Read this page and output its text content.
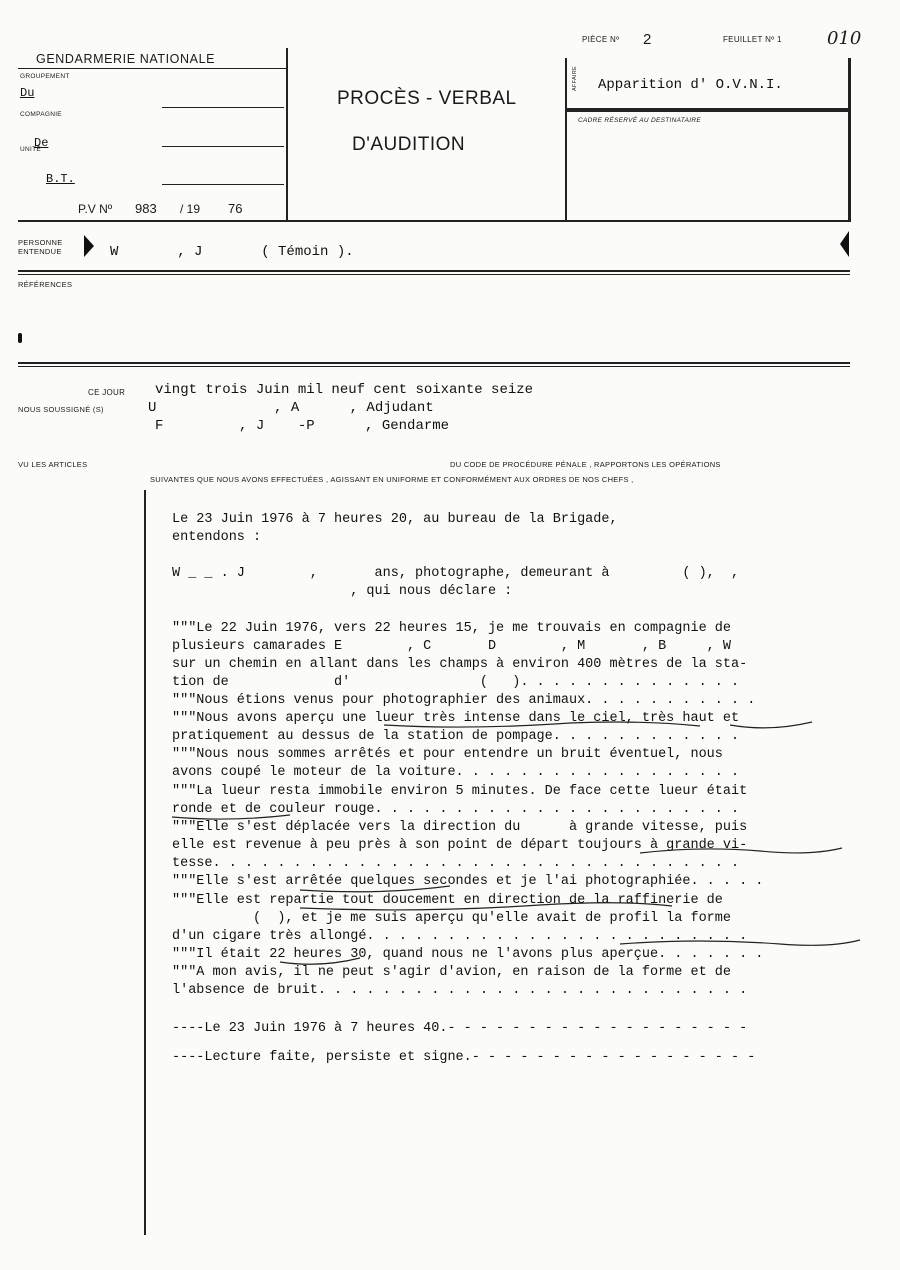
GENDARMERIE NATIONALE
GROUPEMENT
Du
COMPAGNIE
De
UNITÉ
B.T.
P.V Nº 983 / 19 76
PROCÈS - VERBAL
D'AUDITION
PIÈCE Nº 2	FEUILLET Nº 1	010
AFFAIRE Apparition d' O.V.N.I.
CADRE RÉSERVÉ AU DESTINATAIRE
PERSONNE
ENTENDUE	W       , J       ( Témoin ).
RÉFÉRENCES
CE JOUR vingt trois Juin mil neuf cent soixante seize
NOUS SOUSSIGNÉ (S)	U              , A      , Adjudant
F         , J    -P      , Gendarme
VU LES ARTICLES	DU CODE DE PROCÉDURE PÉNALE , RAPPORTONS LES OPÉRATIONS
SUIVANTES QUE NOUS AVONS EFFECTUÉES , AGISSANT EN UNIFORME ET CONFORMÉMENT AUX ORDRES DE NOS CHEFS ,
Le 23 Juin 1976 à 7 heures 20, au bureau de la Brigade,
entendons :
W _ _ . J        ,       ans, photographe, demeurant à         ( ),  ,
, qui nous déclare :
"""Le 22 Juin 1976, vers 22 heures 15, je me trouvais en compagnie de
plusieurs camarades E        , C       D        , M       , B     , W
sur un chemin en allant dans les champs à environ 400 mètres de la sta-
tion de             d'                (   ). . . . . . . . . . . . . .
"""Nous étions venus pour photographier des animaux. . . . . . . . . . .
"""Nous avons aperçu une lueur très intense dans le ciel, très haut et
pratiquement au dessus de la station de pompage. . . . . . . . . . . .
"""Nous nous sommes arrêtés et pour entendre un bruit éventuel, nous
avons coupé le moteur de la voiture. . . . . . . . . . . . . . . . . .
"""La lueur resta immobile environ 5 minutes. De face cette lueur était
ronde et de couleur rouge. . . . . . . . . . . . . . . . . . . . . . .
"""Elle s'est déplacée vers la direction du      à grande vitesse, puis
elle est revenue à peu près à son point de départ toujours à grande vi-
tesse. . . . . . . . . . . . . . . . . . . . . . . . . . . . . . . . .
"""Elle s'est arrêtée quelques secondes et je l'ai photographiée. . . . .
"""Elle est repartie tout doucement en direction de la raffinerie de
(  ), et je me suis aperçu qu'elle avait de profil la forme
d'un cigare très allongé. . . . . . . . . . . . . . . . . . . . . . . .
"""Il était 22 heures 30, quand nous ne l'avons plus aperçue. . . . . . .
"""A mon avis, il ne peut s'agir d'avion, en raison de la forme et de
l'absence de bruit. . . . . . . . . . . . . . . . . . . . . . . . . . .
----Le 23 Juin 1976 à 7 heures 40.- - - - - - - - - - - - - - - - - - -
----Lecture faite, persiste et signe.- - - - - - - - - - - - - - - - - -
